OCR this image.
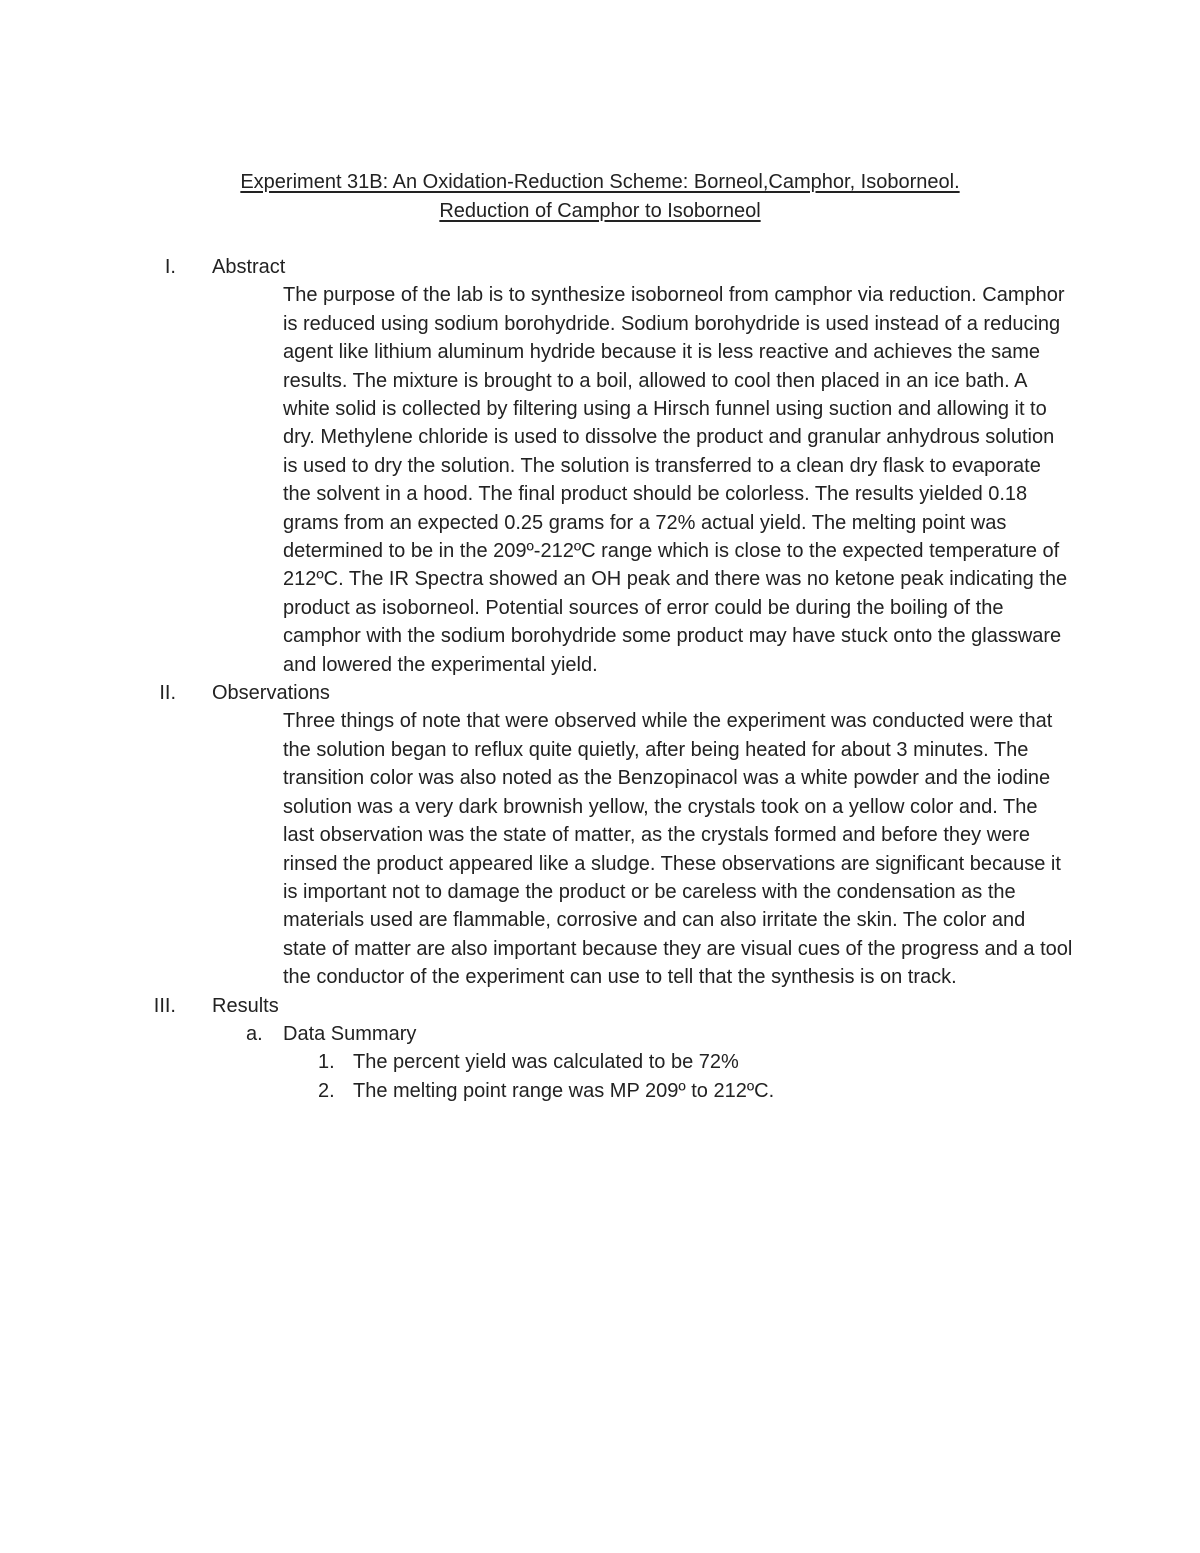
Experiment 31B: An Oxidation-Reduction Scheme: Borneol,Camphor, Isoborneol.
Reduction of Camphor to Isoborneol
I. Abstract
The purpose of the lab is to synthesize isoborneol from camphor via reduction. Camphor is reduced using sodium borohydride. Sodium borohydride is used instead of a reducing agent like lithium aluminum hydride because it is less reactive and achieves the same results. The mixture is brought to a boil, allowed to cool then placed in an ice bath. A white solid is collected by filtering using a Hirsch funnel using suction and allowing it to dry. Methylene chloride is used to dissolve the product and granular anhydrous solution is used to dry the solution. The solution is transferred to a clean dry flask to evaporate the solvent in a hood. The final product should be colorless. The results yielded 0.18 grams from an expected 0.25 grams for a 72% actual yield. The melting point was determined to be in the 209º-212ºC range which is close to the expected temperature of 212ºC. The IR Spectra showed an OH peak and there was no ketone peak indicating the product as isoborneol. Potential sources of error could be during the boiling of the camphor with the sodium borohydride some product may have stuck onto the glassware and lowered the experimental yield.
II. Observations
Three things of note that were observed while the experiment was conducted were that the solution began to reflux quite quietly, after being heated for about 3 minutes. The transition color was also noted as the Benzopinacol was a white powder and the iodine solution was a very dark brownish yellow, the crystals took on a yellow color and. The last observation was the state of matter, as the crystals formed and before they were rinsed the product appeared like a sludge. These observations are significant because it is important not to damage the product or be careless with the condensation as the materials used are flammable, corrosive and can also irritate the skin. The color and state of matter are also important because they are visual cues of the progress and a tool the conductor of the experiment can use to tell that the synthesis is on track.
III. Results
a. Data Summary
1. The percent yield was calculated to be 72%
2. The melting point range was MP 209º to 212ºC.
